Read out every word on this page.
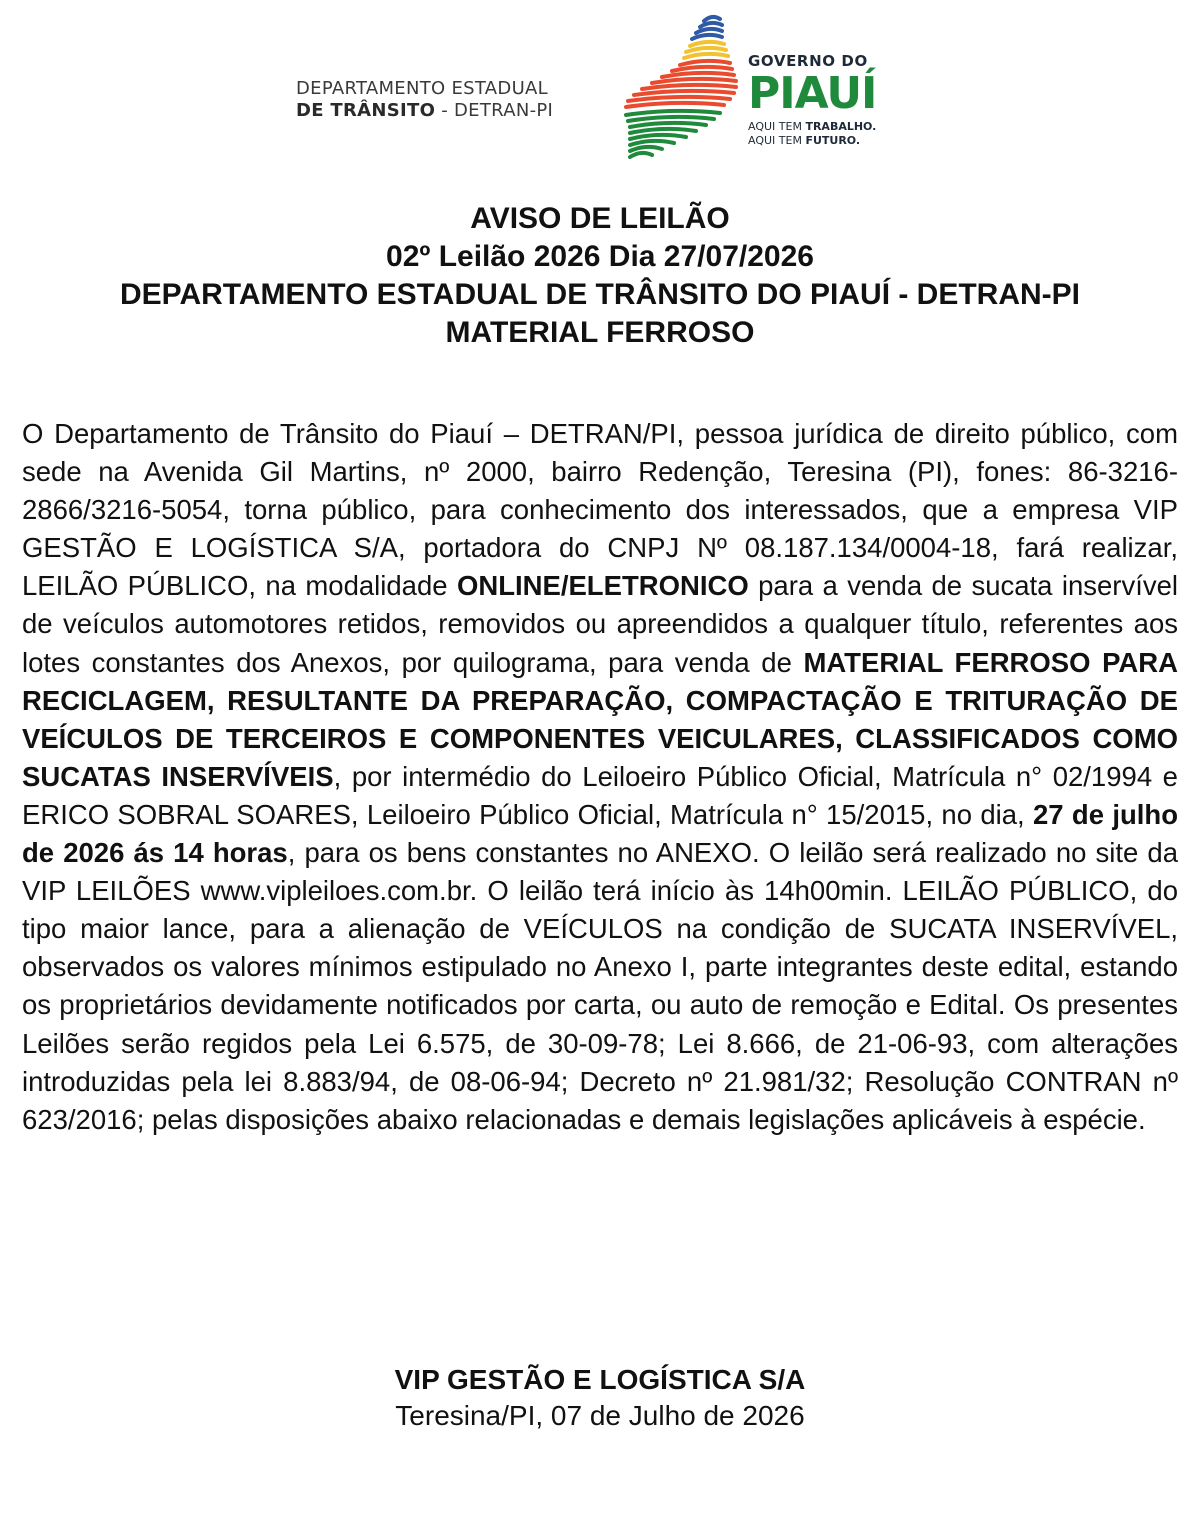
DEPARTAMENTO ESTADUAL
DE TRÂNSITO - DETRAN-PI
GOVERNO DO
PIAUÍ
AQUI TEM TRABALHO.
AQUI TEM FUTURO.
AVISO DE LEILÃO
02º Leilão 2026 Dia 27/07/2026
DEPARTAMENTO ESTADUAL DE TRÂNSITO DO PIAUÍ - DETRAN-PI
MATERIAL FERROSO
O Departamento de Trânsito do Piauí – DETRAN/PI, pessoa jurídica de direito público, com sede na Avenida Gil Martins, nº 2000, bairro Redenção, Teresina (PI), fones: 86-3216-2866/3216-5054, torna público, para conhecimento dos interessados, que a empresa VIP GESTÃO E LOGÍSTICA S/A, portadora do CNPJ Nº 08.187.134/0004-18, fará realizar, LEILÃO PÚBLICO, na modalidade ONLINE/ELETRONICO para a venda de sucata inservível de veículos automotores retidos, removidos ou apreendidos a qualquer título, referentes aos lotes constantes dos Anexos, por quilograma, para venda de MATERIAL FERROSO PARA RECICLAGEM, RESULTANTE DA PREPARAÇÃO, COMPACTAÇÃO E TRITURAÇÃO DE VEÍCULOS DE TERCEIROS E COMPONENTES VEICULARES, CLASSIFICADOS COMO SUCATAS INSERVÍVEIS, por intermédio do Leiloeiro Público Oficial, Matrícula n° 02/1994 e ERICO SOBRAL SOARES, Leiloeiro Público Oficial, Matrícula n° 15/2015, no dia, 27 de julho de 2026 ás 14 horas, para os bens constantes no ANEXO. O leilão será realizado no site da VIP LEILÕES www.vipleiloes.com.br. O leilão terá início às 14h00min. LEILÃO PÚBLICO, do tipo maior lance, para a alienação de VEÍCULOS na condição de SUCATA INSERVÍVEL, observados os valores mínimos estipulado no Anexo I, parte integrantes deste edital, estando os proprietários devidamente notificados por carta, ou auto de remoção e Edital. Os presentes Leilões serão regidos pela Lei 6.575, de 30-09-78; Lei 8.666, de 21-06-93, com alterações introduzidas pela lei 8.883/94, de 08-06-94; Decreto nº 21.981/32; Resolução CONTRAN nº 623/2016; pelas disposições abaixo relacionadas e demais legislações aplicáveis à espécie.
VIP GESTÃO E LOGÍSTICA S/A
Teresina/PI, 07 de Julho de 2026
